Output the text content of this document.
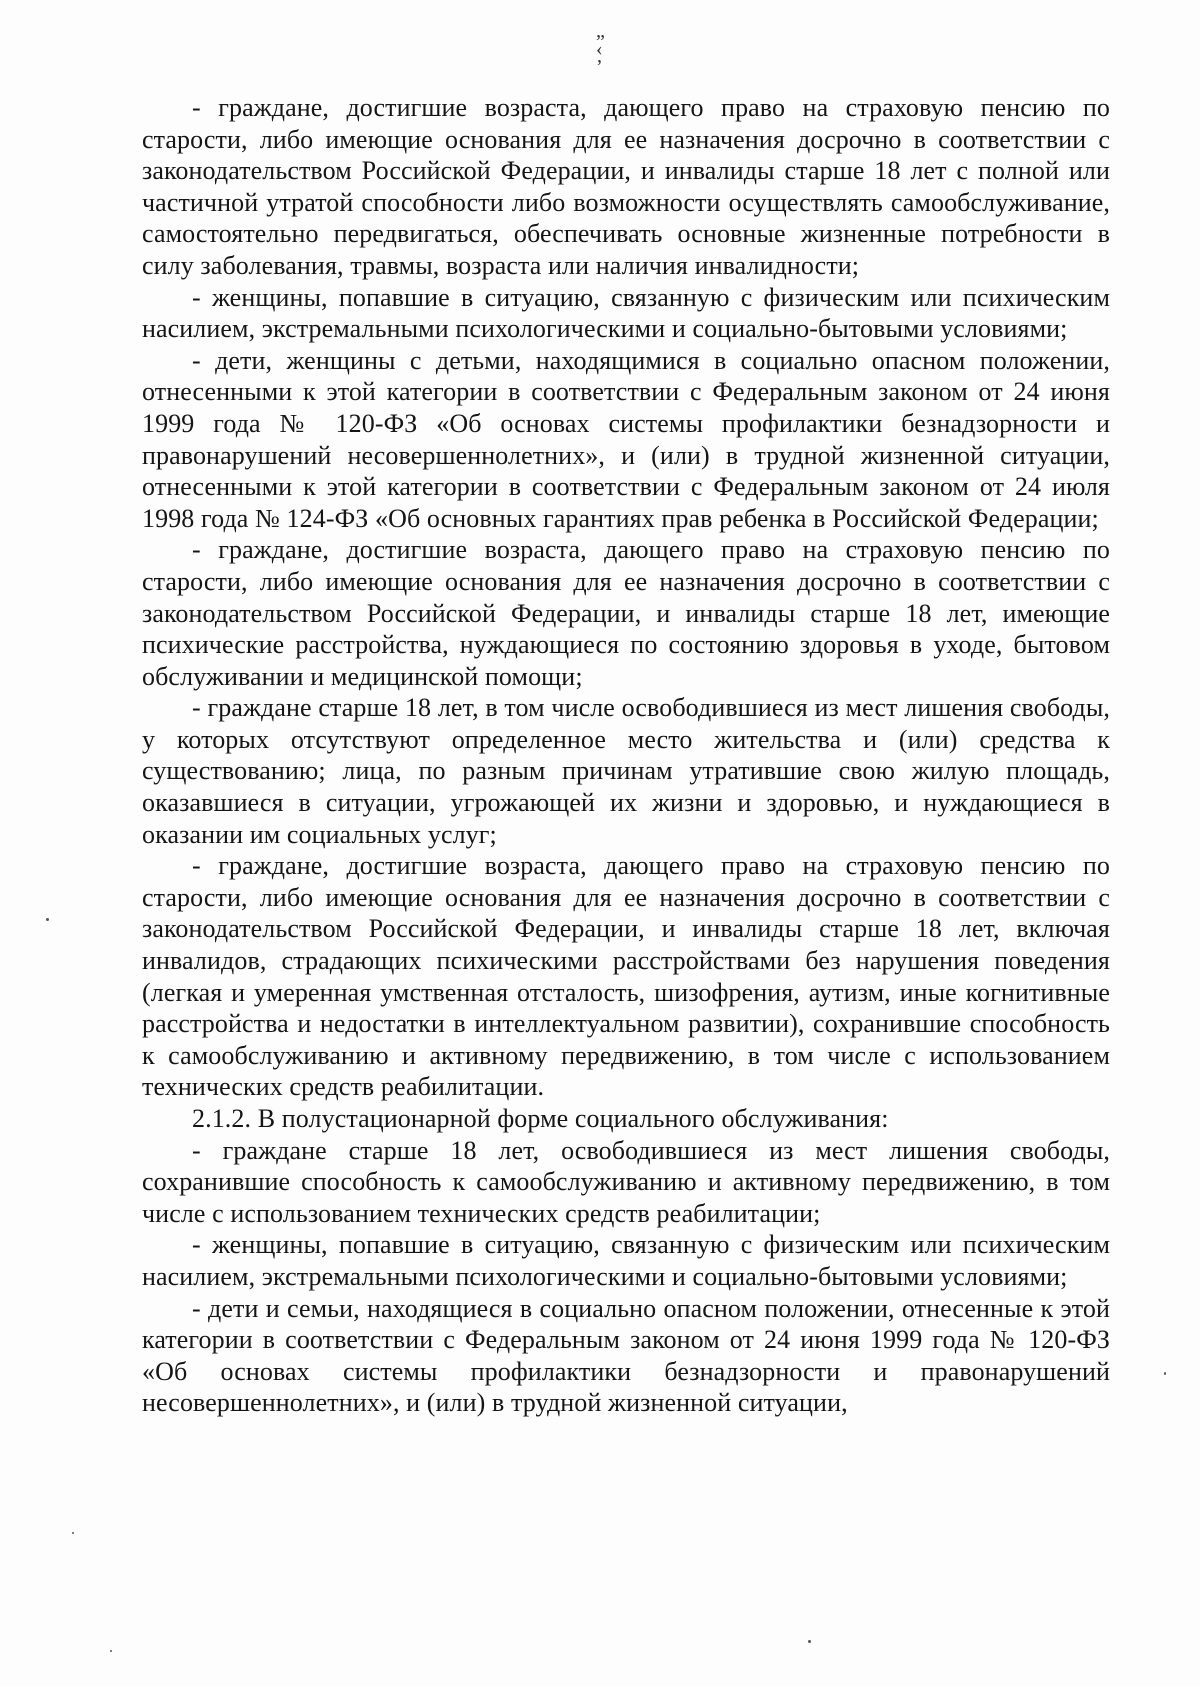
„
‹
’

- граждане, достигшие возраста, дающего право на страховую пенсию по старости, либо имеющие основания для ее назначения досрочно в соответствии с законодательством Российской Федерации, и инвалиды старше 18 лет с полной или частичной утратой способности либо возможности осуществлять самообслуживание, самостоятельно передвигаться, обеспечивать основные жизненные потребности в силу заболевания, травмы, возраста или наличия инвалидности;

- женщины, попавшие в ситуацию, связанную с физическим или психическим насилием, экстремальными психологическими и социально-бытовыми условиями;

- дети, женщины с детьми, находящимися в социально опасном положении, отнесенными к этой категории в соответствии с Федеральным законом от 24 июня 1999 года № 120-ФЗ «Об основах системы профилактики безнадзорности и правонарушений несовершеннолетних», и (или) в трудной жизненной ситуации, отнесенными к этой категории в соответствии с Федеральным законом от 24 июля 1998 года № 124-ФЗ «Об основных гарантиях прав ребенка в Российской Федерации;

- граждане, достигшие возраста, дающего право на страховую пенсию по старости, либо имеющие основания для ее назначения досрочно в соответствии с законодательством Российской Федерации, и инвалиды старше 18 лет, имеющие психические расстройства, нуждающиеся по состоянию здоровья в уходе, бытовом обслуживании и медицинской помощи;

- граждане старше 18 лет, в том числе освободившиеся из мест лишения свободы, у которых отсутствуют определенное место жительства и (или) средства к существованию; лица, по разным причинам утратившие свою жилую площадь, оказавшиеся в ситуации, угрожающей их жизни и здоровью, и нуждающиеся в оказании им социальных услуг;

- граждане, достигшие возраста, дающего право на страховую пенсию по старости, либо имеющие основания для ее назначения досрочно в соответствии с законодательством Российской Федерации, и инвалиды старше 18 лет, включая инвалидов, страдающих психическими расстройствами без нарушения поведения (легкая и умеренная умственная отсталость, шизофрения, аутизм, иные когнитивные расстройства и недостатки в интеллектуальном развитии), сохранившие способность к самообслуживанию и активному передвижению, в том числе с использованием технических средств реабилитации.

2.1.2. В полустационарной форме социального обслуживания:

- граждане старше 18 лет, освободившиеся из мест лишения свободы, сохранившие способность к самообслуживанию и активному передвижению, в том числе с использованием технических средств реабилитации;

- женщины, попавшие в ситуацию, связанную с физическим или психическим насилием, экстремальными психологическими и социально-бытовыми условиями;

- дети и семьи, находящиеся в социально опасном положении, отнесенные к этой категории в соответствии с Федеральным законом от 24 июня 1999 года № 120-ФЗ «Об основах системы профилактики безнадзорности и правонарушений несовершеннолетних», и (или) в трудной жизненной ситуации,
